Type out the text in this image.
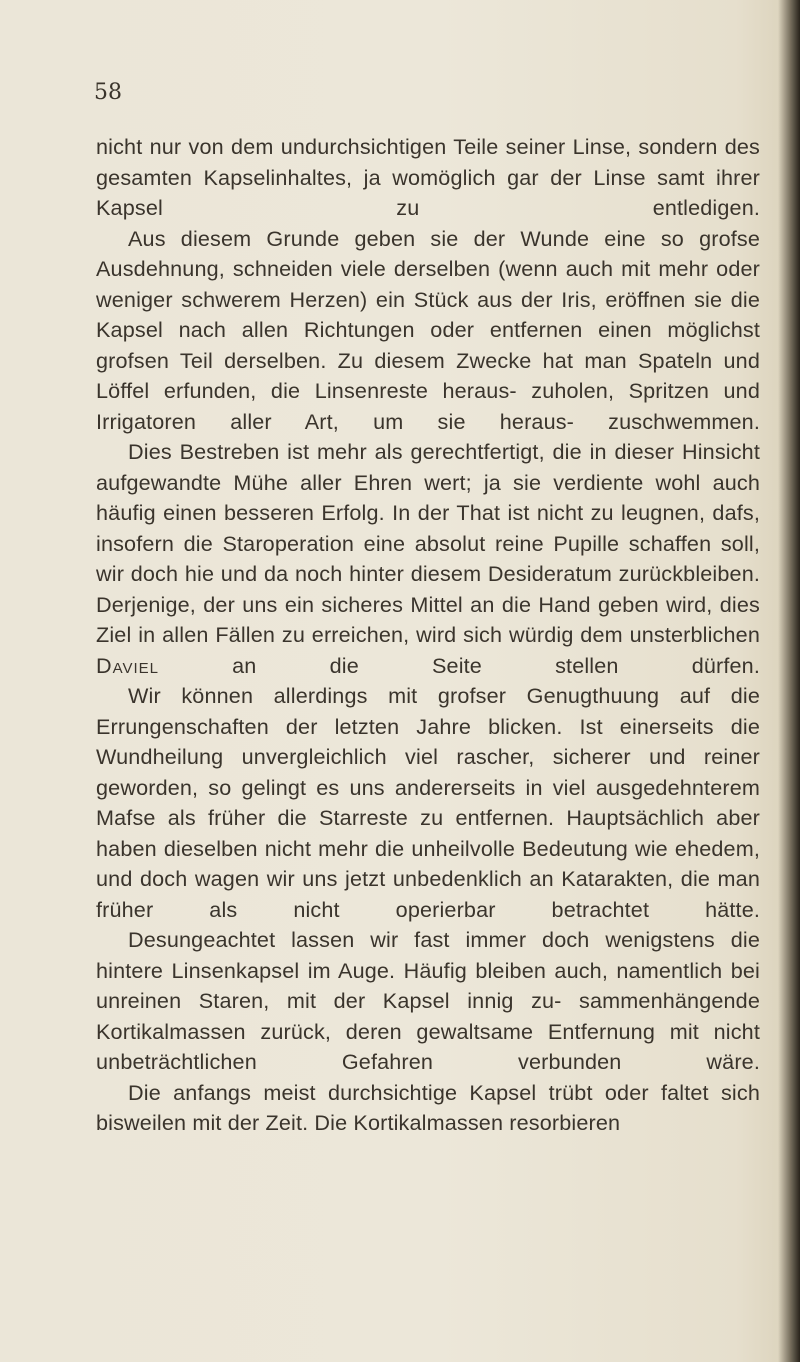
58

nicht nur von dem undurchsichtigen Teile seiner Linse, sondern des gesamten Kapselinhaltes, ja womöglich gar der Linse samt ihrer Kapsel zu entledigen.

Aus diesem Grunde geben sie der Wunde eine so grofse Ausdehnung, schneiden viele derselben (wenn auch mit mehr oder weniger schwerem Herzen) ein Stück aus der Iris, eröffnen sie die Kapsel nach allen Richtungen oder entfernen einen möglichst grofsen Teil derselben. Zu diesem Zwecke hat man Spateln und Löffel erfunden, die Linsenreste heraus- zuholen, Spritzen und Irrigatoren aller Art, um sie heraus- zuschwemmen.

Dies Bestreben ist mehr als gerechtfertigt, die in dieser Hinsicht aufgewandte Mühe aller Ehren wert; ja sie verdiente wohl auch häufig einen besseren Erfolg. In der That ist nicht zu leugnen, dafs, insofern die Staroperation eine absolut reine Pupille schaffen soll, wir doch hie und da noch hinter diesem Desideratum zurückbleiben. Derjenige, der uns ein sicheres Mittel an die Hand geben wird, dies Ziel in allen Fällen zu erreichen, wird sich würdig dem unsterblichen Daviel an die Seite stellen dürfen.

Wir können allerdings mit grofser Genugthuung auf die Errungenschaften der letzten Jahre blicken. Ist einerseits die Wundheilung unvergleichlich viel rascher, sicherer und reiner geworden, so gelingt es uns andererseits in viel ausgedehnterem Mafse als früher die Starreste zu entfernen. Hauptsächlich aber haben dieselben nicht mehr die unheilvolle Bedeutung wie ehedem, und doch wagen wir uns jetzt unbedenklich an Katarakten, die man früher als nicht operierbar betrachtet hätte.

Desungeachtet lassen wir fast immer doch wenigstens die hintere Linsenkapsel im Auge. Häufig bleiben auch, namentlich bei unreinen Staren, mit der Kapsel innig zu- sammenhängende Kortikalmassen zurück, deren gewaltsame Entfernung mit nicht unbeträchtlichen Gefahren verbunden wäre.

Die anfangs meist durchsichtige Kapsel trübt oder faltet sich bisweilen mit der Zeit. Die Kortikalmassen resorbieren
